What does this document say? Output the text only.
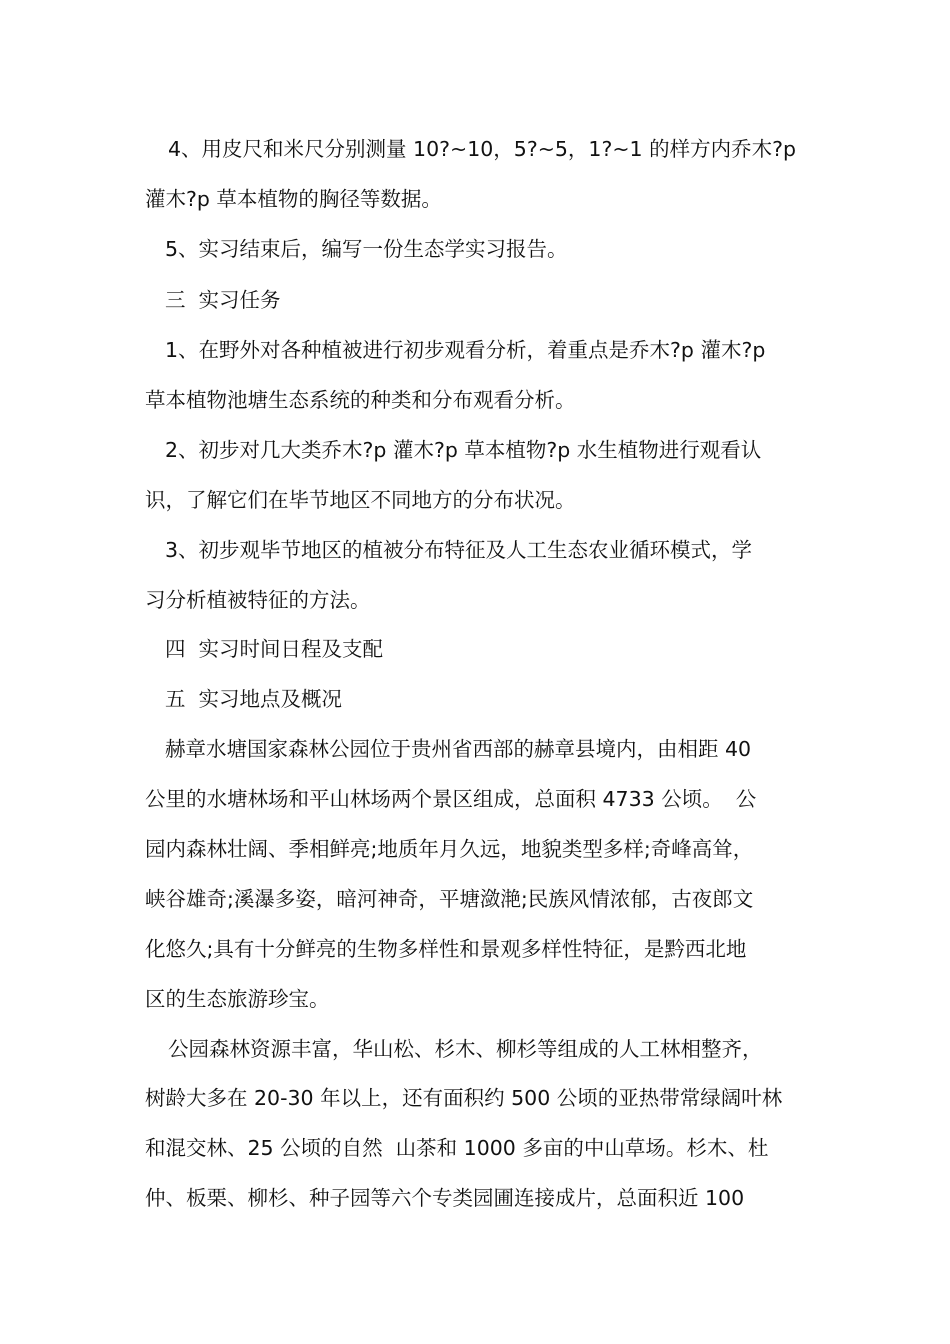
4、用皮尺和米尺分别测量 10?~10，5?~5，1?~1 的样方内乔木?p
灌木?p 草本植物的胸径等数据。
5、实习结束后，编写一份生态学实习报告。
三  实习任务
1、在野外对各种植被进行初步观看分析，着重点是乔木?p 灌木?p
草本植物池塘生态系统的种类和分布观看分析。
2、初步对几大类乔木?p 灌木?p 草本植物?p 水生植物进行观看认
识，了解它们在毕节地区不同地方的分布状况。
3、初步观毕节地区的植被分布特征及人工生态农业循环模式，学
习分析植被特征的方法。
四  实习时间日程及支配
五  实习地点及概况
赫章水塘国家森林公园位于贵州省西部的赫章县境内，由相距 40
公里的水塘林场和平山林场两个景区组成，总面积 4733 公顷。  公
园内森林壮阔、季相鲜亮;地质年月久远，地貌类型多样;奇峰高耸，
峡谷雄奇;溪瀑多姿，暗河神奇，平塘潋滟;民族风情浓郁，古夜郎文
化悠久;具有十分鲜亮的生物多样性和景观多样性特征，是黔西北地
区的生态旅游珍宝。
公园森林资源丰富，华山松、杉木、柳杉等组成的人工林相整齐，
树龄大多在 20-30 年以上，还有面积约 500 公顷的亚热带常绿阔叶林
和混交林、25 公顷的自然  山茶和 1000 多亩的中山草场。杉木、杜
仲、板栗、柳杉、种子园等六个专类园圃连接成片，总面积近 100
